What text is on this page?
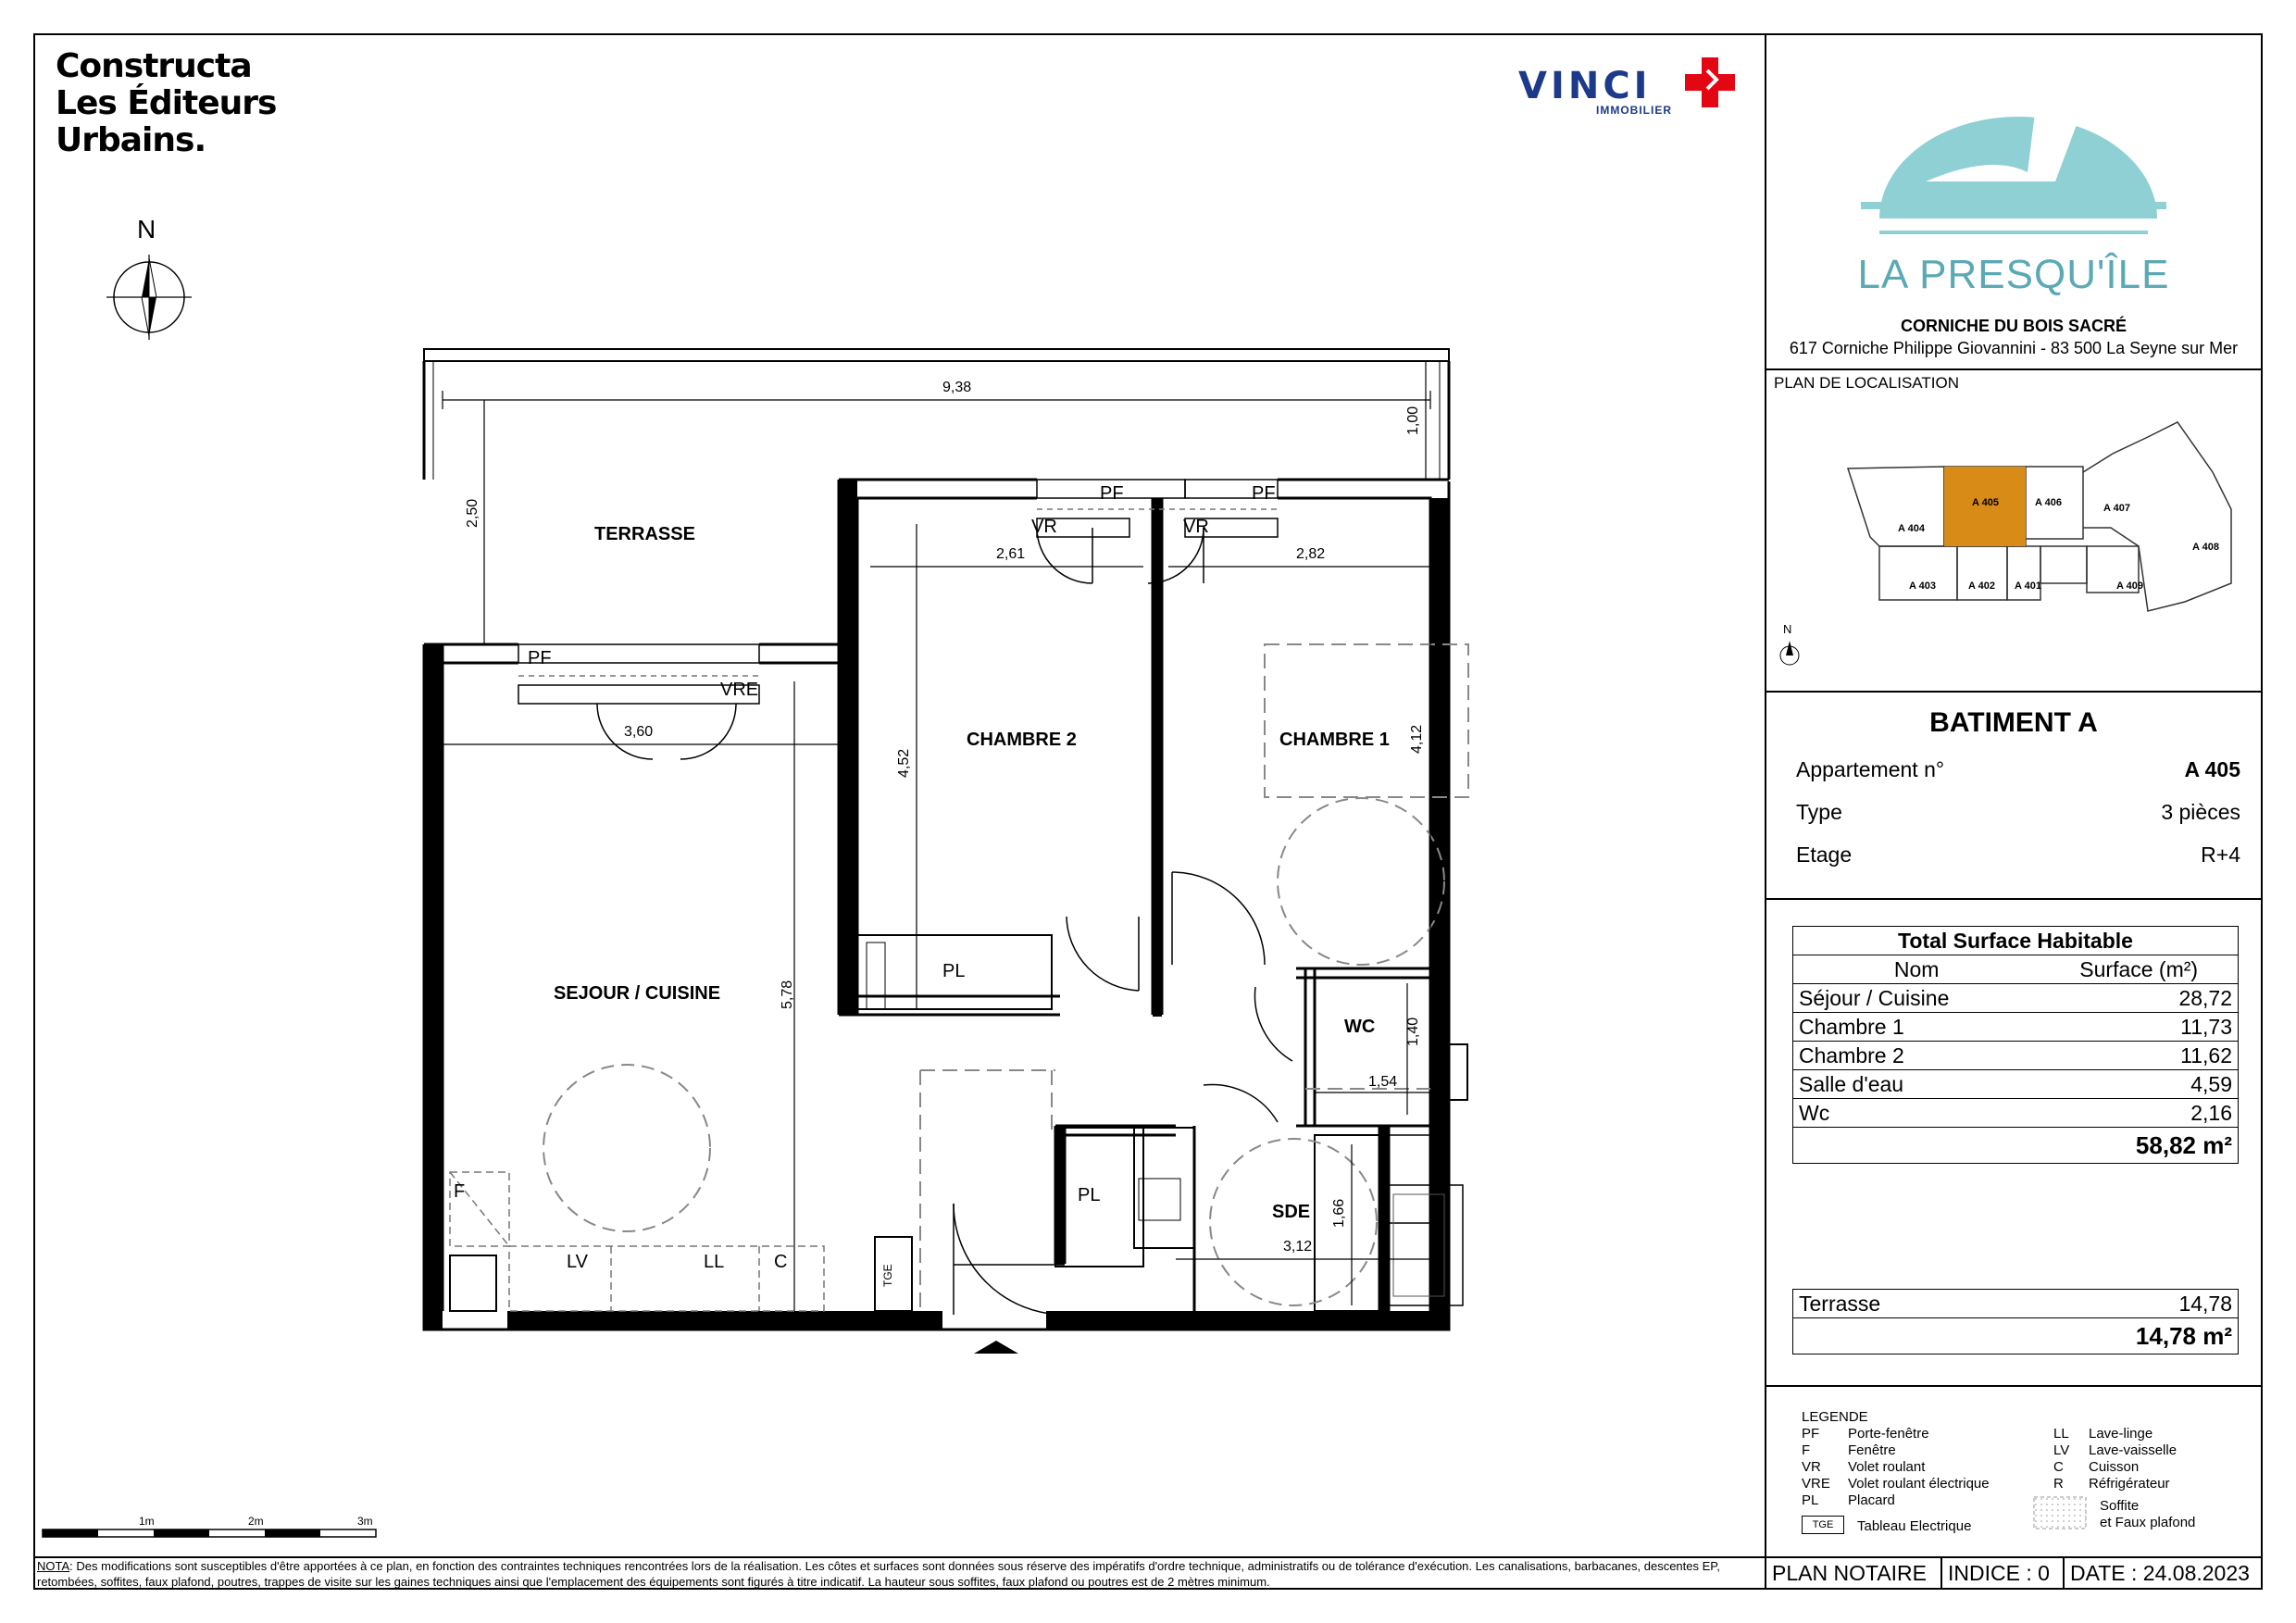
Constructa
Les Éditeurs
Urbains.
VINCI
IMMOBILIER
N
TERRASSE
CHAMBRE 2	CHAMBRE 1
SEJOUR / CUISINE
WC
SDE
9,38
1,00
2,50
2,61	2,82
3,60
4,52
4,12
5,78
1,40
1,54
1,66
3,12
PF
PF	PF
VR	VR
VRE
PL
PL
F
LV	LL	C
TGE
1m	2m	3m
LA PRESQU'ÎLE
CORNICHE DU BOIS SACRÉ
617 Corniche Philippe Giovannini - 83 500 La Seyne sur Mer
PLAN DE LOCALISATION
A 404
A 405	A 406	A 407
A 408
A 403	A 402 A 401	A 409
N
BATIMENT A
Appartement n°	A 405
Type	3 pièces
Etage	R+4
Total Surface Habitable	
Nom	Surface (m²)
Séjour / Cuisine	28,72
Chambre 1	11,73
Chambre 2	11,62
Salle d'eau	4,59
Wc	2,16
58,82 m²	
Terrasse	14,78
14,78 m²
LEGENDE
PF	Porte-fenêtre
F	Fenêtre
VR	Volet roulant
VRE	Volet roulant électrique
PL	Placard
TGE	Tableau Electrique
LL	Lave-linge
LV	Lave-vaisselle
C	Cuisson
R	Réfrigérateur
Soffite
et Faux plafond
NOTA: Des modifications sont susceptibles d'être apportées à ce plan, en fonction des contraintes techniques rencontrées lors de la réalisation. Les côtes et surfaces sont données sous réserve des impératifs d'ordre technique, administratifs ou de tolérance d'exécution. Les canalisations, barbacanes, descentes EP, retombées, soffites, faux plafond, poutres, trappes de visite sur les gaines techniques ainsi que l'emplacement des équipements sont figurés à titre indicatif. La hauteur sous soffites, faux plafond ou poutres est de 2 mètres minimum.	PLAN NOTAIRE	INDICE : 0 DATE : 24.08.2023
